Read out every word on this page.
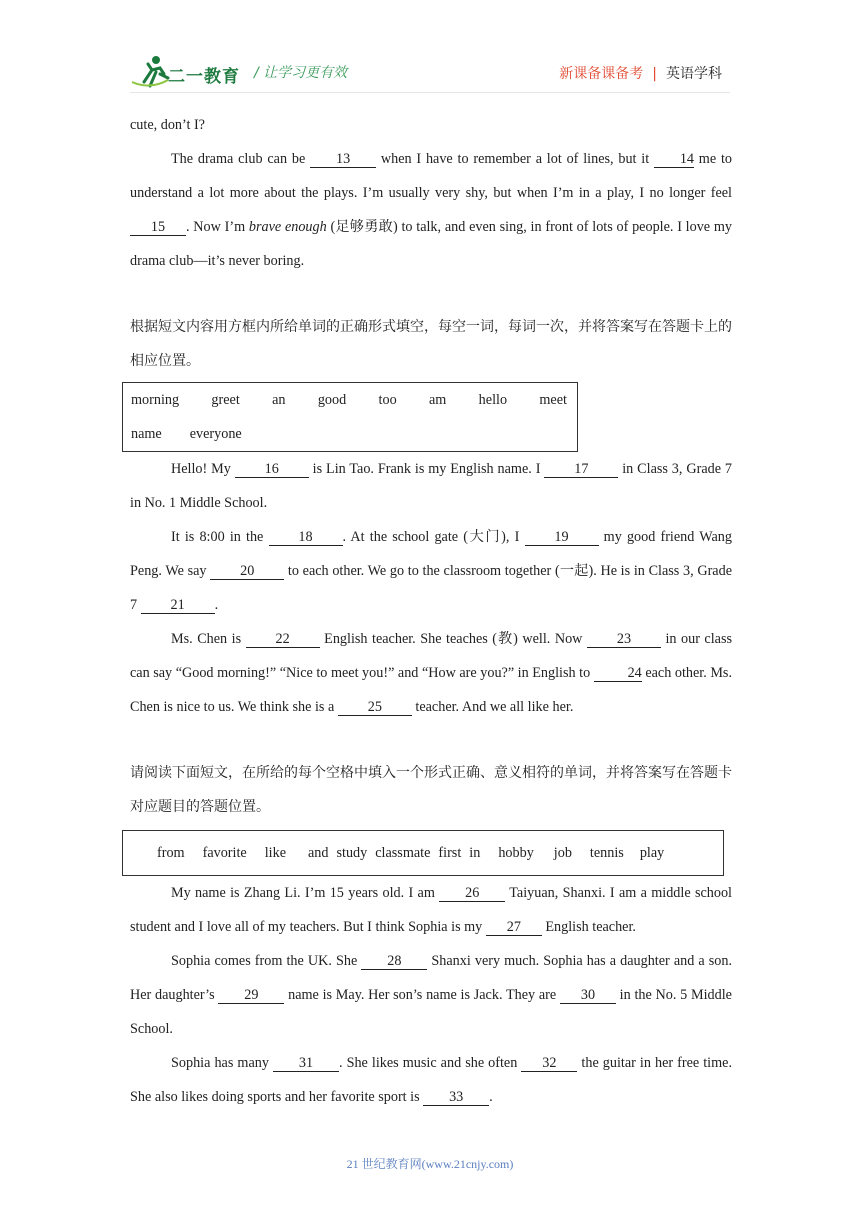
二一教育 / 让学习更有效	新课备课备考 | 英语学科

cute, don’t I?

The drama club can be 13 when I have to remember a lot of lines, but it 14 me to understand a lot more about the plays. I’m usually very shy, but when I’m in a play, I no longer feel 15 . Now I’m brave enough (足够勇敢) to talk, and even sing, in front of lots of people. I love my drama club—it’s never boring.

根据短文内容用方框内所给单词的正确形式填空，每空一词，每词一次，并将答案写在答题卡上的相应位置。

morning greet an good too am hello meet
name everyone

Hello! My 16 is Lin Tao. Frank is my English name. I 17 in Class 3, Grade 7 in No. 1 Middle School.

It is 8:00 in the 18 . At the school gate (大门), I 19 my good friend Wang Peng. We say 20 to each other. We go to the classroom together (一起). He is in Class 3, Grade 7 21 .

Ms. Chen is 22 English teacher. She teaches (教) well. Now 23 in our class can say “Good morning!” “Nice to meet you!” and “How are you?” in English to 24 each other. Ms. Chen is nice to us. We think she is a 25 teacher. And we all like her.

请阅读下面短文，在所给的每个空格中填入一个形式正确、意义相符的单词，并将答案写在答题卡对应题目的答题位置。

from favorite like and study classmate first in hobby job tennis play

My name is Zhang Li. I’m 15 years old. I am 26 Taiyuan, Shanxi. I am a middle school student and I love all of my teachers. But I think Sophia is my 27 English teacher.

Sophia comes from the UK. She 28 Shanxi very much. Sophia has a daughter and a son. Her daughter’s 29 name is May. Her son’s name is Jack. They are 30 in the No. 5 Middle School.

Sophia has many 31 . She likes music and she often 32 the guitar in her free time. She also likes doing sports and her favorite sport is 33 .

21 世纪教育网(www.21cnjy.com)
